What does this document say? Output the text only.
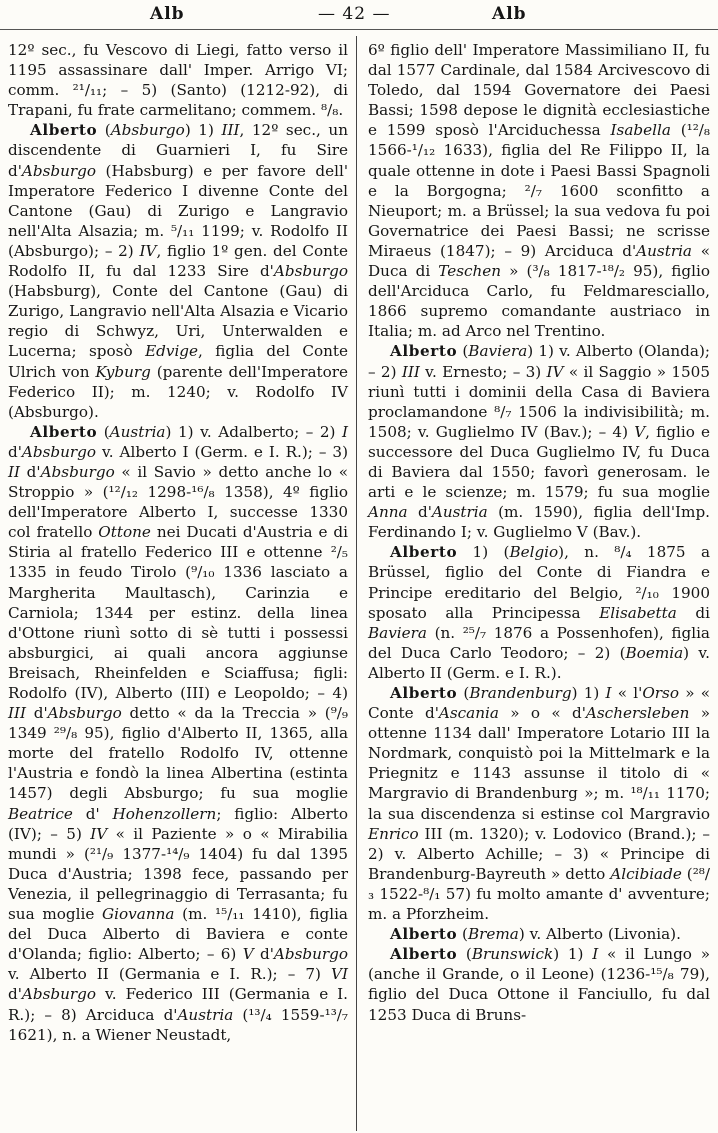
Alb	— 42 —	Alb

12º sec., fu Vescovo di Liegi, fatto verso il 1195 assassinare dall' Imper. Arrigo VI; comm. ²¹/₁₁; – 5) (Santo) (1212-92), di Trapani, fu frate carmelitano; commem. ⁸/₈.

Alberto (Absburgo) 1) III, 12º sec., un discendente di Guarnieri I, fu Sire d'Absburgo (Habsburg) e per favore dell' Imperatore Federico I divenne Conte del Cantone (Gau) di Zurigo e Langravio nell'Alta Alsazia; m. ⁵/₁₁ 1199; v. Rodolfo II (Absburgo); – 2) IV, figlio 1º gen. del Conte Rodolfo II, fu dal 1233 Sire d'Absburgo (Habsburg), Conte del Cantone (Gau) di Zurigo, Langravio nell'Alta Alsazia e Vicario regio di Schwyz, Uri, Unterwalden e Lucerna; sposò Edvige, figlia del Conte Ulrich von Kyburg (parente dell'Imperatore Federico II); m. 1240; v. Rodolfo IV (Absburgo).

Alberto (Austria) 1) v. Adalberto; – 2) I d'Absburgo v. Alberto I (Germ. e I. R.); – 3) II d'Absburgo « il Savio » detto anche lo « Stroppio » (¹²/₁₂ 1298-¹⁶/₈ 1358), 4º figlio dell'Imperatore Alberto I, successe 1330 col fratello Ottone nei Ducati d'Austria e di Stiria al fratello Federico III e ottenne ²/₅ 1335 in feudo Tirolo (⁹/₁₀ 1336 lasciato a Margherita Maultasch), Carinzia e Carniola; 1344 per estinz. della linea d'Ottone riunì sotto di sè tutti i possessi absburgici, ai quali ancora aggiunse Breisach, Rheinfelden e Sciaffusa; figli: Rodolfo (IV), Alberto (III) e Leopoldo; – 4) III d'Absburgo detto « da la Treccia » (⁹/₉ 1349 ²⁹/₈ 95), figlio d'Alberto II, 1365, alla morte del fratello Rodolfo IV, ottenne l'Austria e fondò la linea Albertina (estinta 1457) degli Absburgo; fu sua moglie Beatrice d' Hohenzollern; figlio: Alberto (IV); – 5) IV « il Paziente » o « Mirabilia mundi » (²¹/₉ 1377-¹⁴/₉ 1404) fu dal 1395 Duca d'Austria; 1398 fece, passando per Venezia, il pellegrinaggio di Terrasanta; fu sua moglie Giovanna (m. ¹⁵/₁₁ 1410), figlia del Duca Alberto di Baviera e conte d'Olanda; figlio: Alberto; – 6) V d'Absburgo v. Alberto II (Germania e I. R.); – 7) VI d'Absburgo v. Federico III (Germania e I. R.); – 8) Arciduca d'Austria (¹³/₄ 1559-¹³/₇ 1621), n. a Wiener Neustadt,

6º figlio dell' Imperatore Massimiliano II, fu dal 1577 Cardinale, dal 1584 Arcivescovo di Toledo, dal 1594 Governatore dei Paesi Bassi; 1598 depose le dignità ecclesiastiche e 1599 sposò l'Arciduchessa Isabella (¹²/₈ 1566-¹/₁₂ 1633), figlia del Re Filippo II, la quale ottenne in dote i Paesi Bassi Spagnoli e la Borgogna; ²/₇ 1600 sconfitto a Nieuport; m. a Brüssel; la sua vedova fu poi Governatrice dei Paesi Bassi; ne scrisse Miraeus (1847); – 9) Arciduca d'Austria « Duca di Teschen » (³/₈ 1817-¹⁸/₂ 95), figlio dell'Arciduca Carlo, fu Feldmaresciallo, 1866 supremo comandante austriaco in Italia; m. ad Arco nel Trentino.

Alberto (Baviera) 1) v. Alberto (Olanda); – 2) III v. Ernesto; – 3) IV « il Saggio » 1505 riunì tutti i dominii della Casa di Baviera proclamandone ⁸/₇ 1506 la indivisibilità; m. 1508; v. Guglielmo IV (Bav.); – 4) V, figlio e successore del Duca Guglielmo IV, fu Duca di Baviera dal 1550; favorì generosam. le arti e le scienze; m. 1579; fu sua moglie Anna d'Austria (m. 1590), figlia dell'Imp. Ferdinando I; v. Guglielmo V (Bav.).

Alberto 1) (Belgio), n. ⁸/₄ 1875 a Brüssel, figlio del Conte di Fiandra e Principe ereditario del Belgio, ²/₁₀ 1900 sposato alla Principessa Elisabetta di Baviera (n. ²⁵/₇ 1876 a Possenhofen), figlia del Duca Carlo Teodoro; – 2) (Boemia) v. Alberto II (Germ. e I. R.).

Alberto (Brandenburg) 1) I « l'Orso » « Conte d'Ascania » o « d'Aschersleben » ottenne 1134 dall' Imperatore Lotario III la Nordmark, conquistò poi la Mittelmark e la Priegnitz e 1143 assunse il titolo di « Margravio di Brandenburg »; m. ¹⁸/₁₁ 1170; la sua discendenza si estinse col Margravio Enrico III (m. 1320); v. Lodovico (Brand.); – 2) v. Alberto Achille; – 3) « Principe di Brandenburg-Bayreuth » detto Alcibiade (²⁸/₃ 1522-⁸/₁ 57) fu molto amante d' avventure; m. a Pforzheim.

Alberto (Brema) v. Alberto (Livonia).

Alberto (Brunswick) 1) I « il Lungo » (anche il Grande, o il Leone) (1236-¹⁵/₈ 79), figlio del Duca Ottone il Fanciullo, fu dal 1253 Duca di Bruns-
